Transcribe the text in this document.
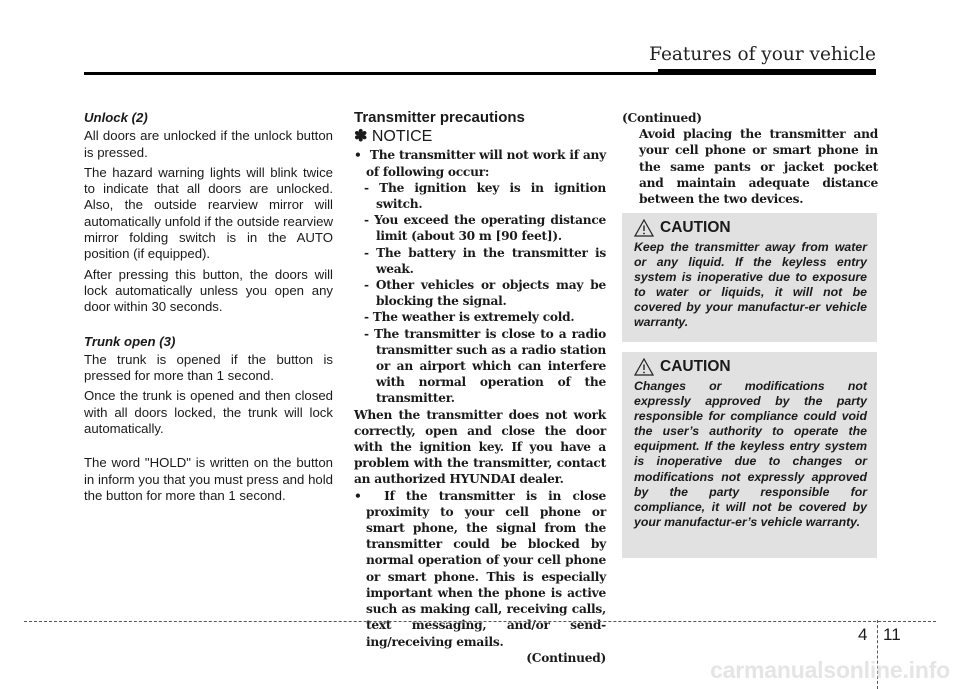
Features of your vehicle
Unlock (2)

All doors are unlocked if the unlock button is pressed.

The hazard warning lights will blink twice to indicate that all doors are unlocked. Also, the outside rearview mirror will automatically unfold if the outside rearview mirror folding switch is in the AUTO position (if equipped).

After pressing this button, the doors will lock automatically unless you open any door within 30 seconds.

Trunk open (3)

The trunk is opened if the button is pressed for more than 1 second.

Once the trunk is opened and then closed with all doors locked, the trunk will lock automatically.

The word "HOLD" is written on the button in inform you that you must press and hold the button for more than 1 second.

Transmitter precautions
✽ NOTICE
• The transmitter will not work if any of following occur:
- The ignition key is in ignition switch.
- You exceed the operating distance limit (about 30 m [90 feet]).
- The battery in the transmitter is weak.
- Other vehicles or objects may be blocking the signal.
- The weather is extremely cold.
- The transmitter is close to a radio transmitter such as a radio station or an airport which can interfere with normal operation of the transmitter.
When the transmitter does not work correctly, open and close the door with the ignition key. If you have a problem with the transmitter, contact an authorized HYUNDAI dealer.
• If the transmitter is in close proximity to your cell phone or smart phone, the signal from the transmitter could be blocked by normal operation of your cell phone or smart phone. This is especially important when the phone is active such as making call, receiving calls, text messaging, and/or send-ing/receiving emails.
(Continued)
(Continued)
Avoid placing the transmitter and your cell phone or smart phone in the same pants or jacket pocket and maintain adequate distance between the two devices.
CAUTION
Keep the transmitter away from water or any liquid. If the keyless entry system is inoperative due to exposure to water or liquids, it will not be covered by your manufactur-er vehicle warranty.
CAUTION
Changes or modifications not expressly approved by the party responsible for compliance could void the user’s authority to operate the equipment. If the keyless entry system is inoperative due to changes or modifications not expressly approved by the party responsible for compliance, it will not be covered by your manufactur-er’s vehicle warranty.
4 11
carmanualsonline.info
